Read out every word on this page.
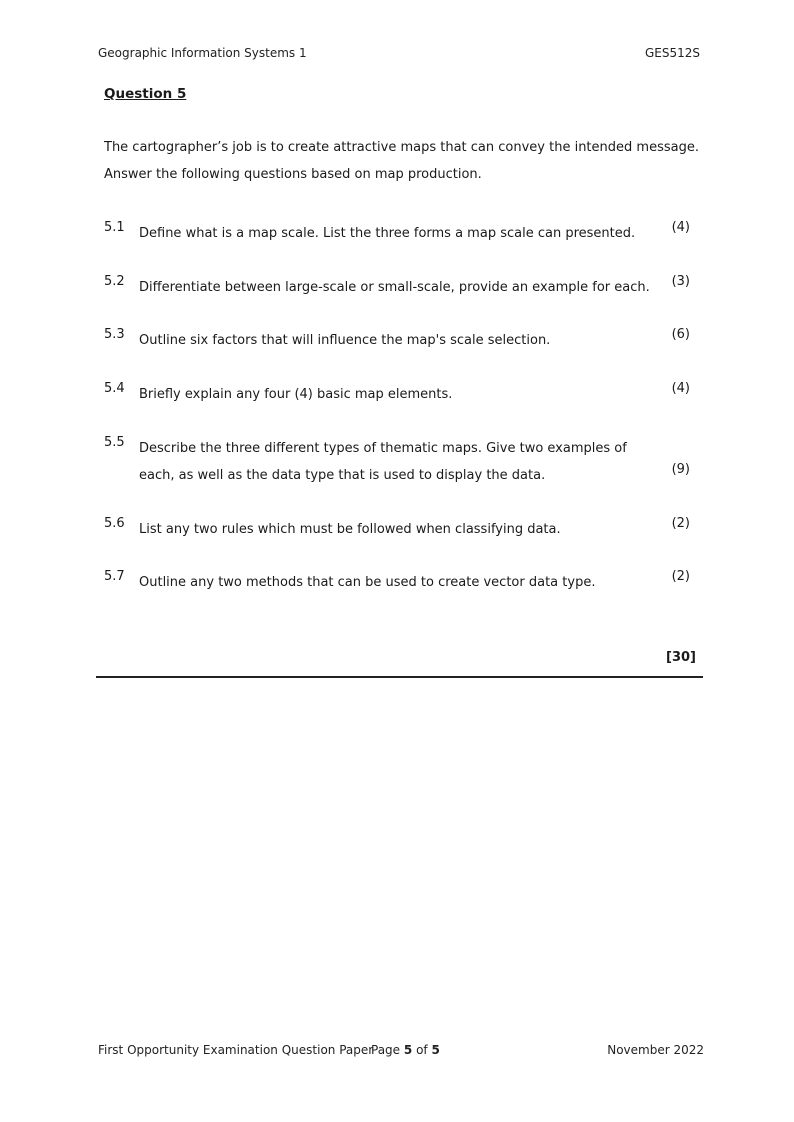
Geographic Information Systems 1	GES512S
Question 5
The cartographer’s job is to create attractive maps that can convey the intended message. Answer the following questions based on map production.
5.1 Define what is a map scale. List the three forms a map scale can presented.	(4)
5.2 Differentiate between large-scale or small-scale, provide an example for each.	(3)
5.3 Outline six factors that will influence the map's scale selection.	(6)
5.4 Briefly explain any four (4) basic map elements.	(4)
5.5 Describe the three different types of thematic maps. Give two examples of each, as well as the data type that is used to display the data.	(9)
5.6 List any two rules which must be followed when classifying data.	(2)
5.7 Outline any two methods that can be used to create vector data type.	(2)
[30]
First Opportunity Examination Question Paper
Page 5 of 5	November 2022
